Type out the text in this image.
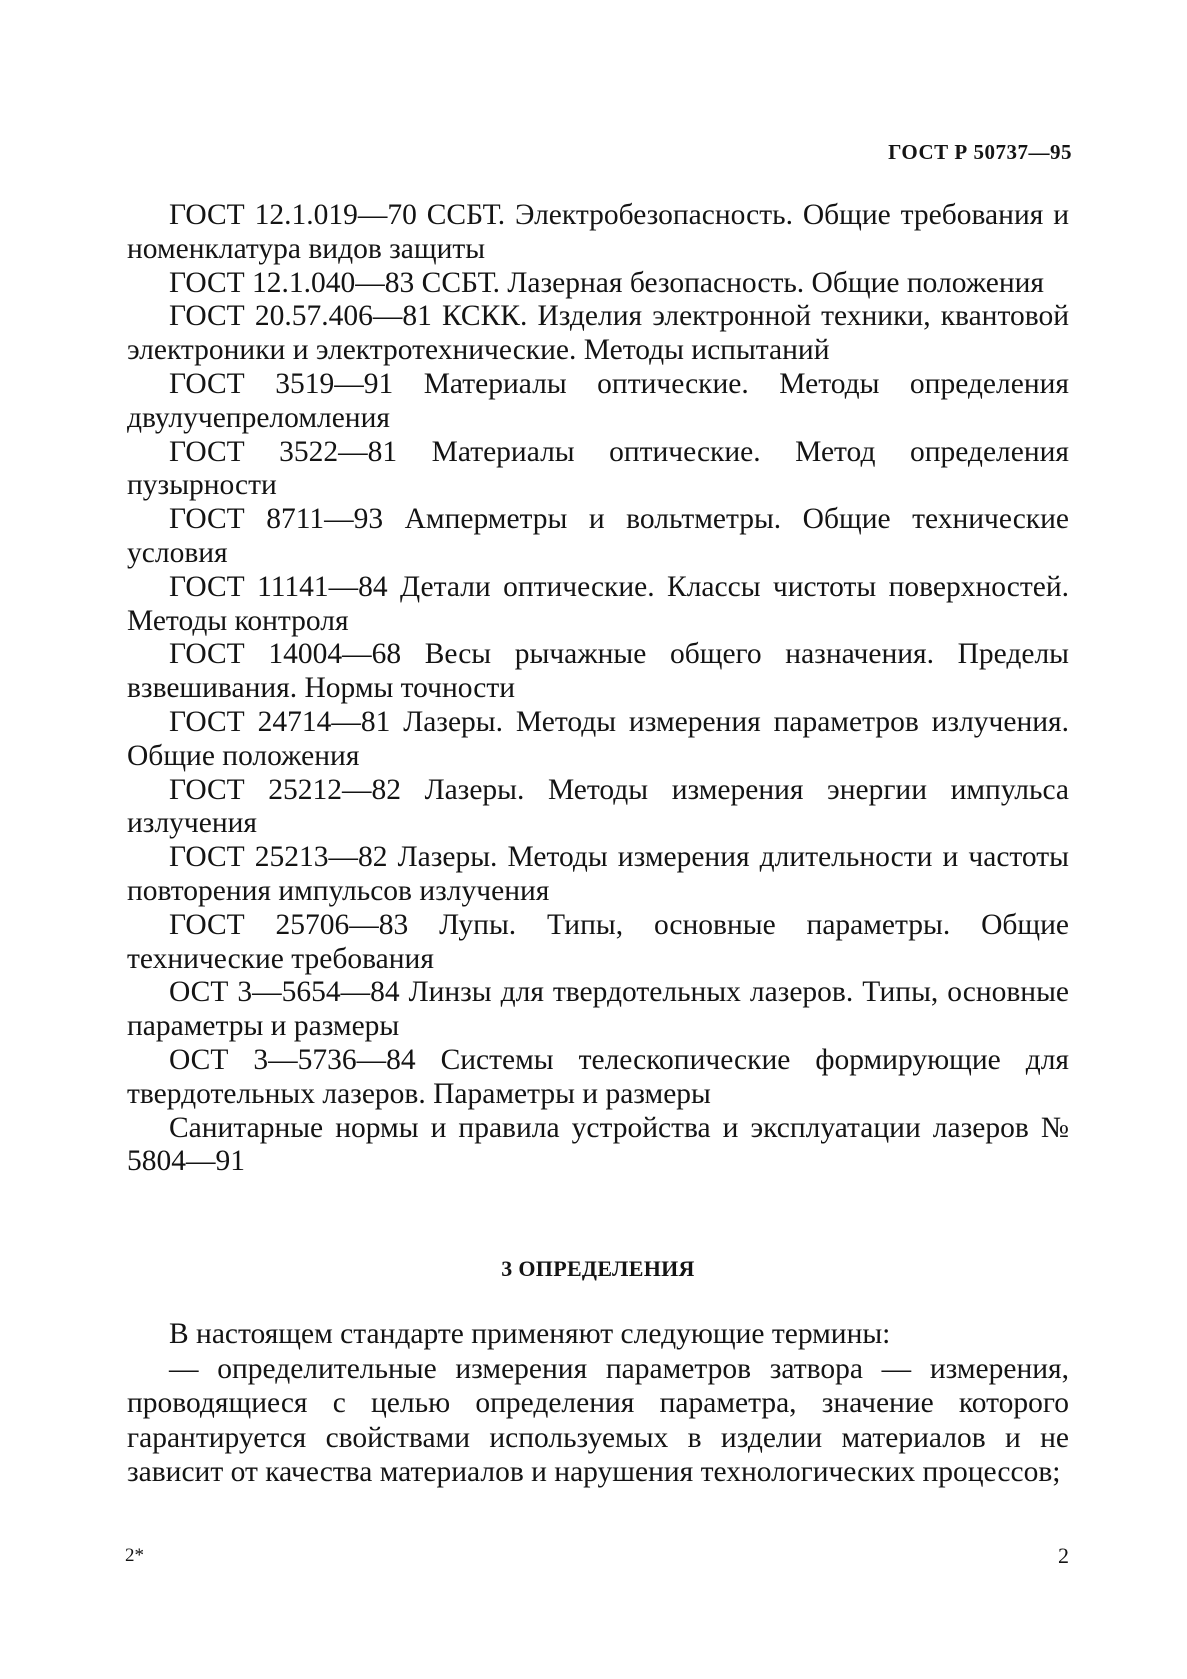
ГОСТ Р 50737—95

ГОСТ 12.1.019—70 ССБТ. Электробезопасность. Общие требования и номенклатура видов защиты

ГОСТ 12.1.040—83 ССБТ. Лазерная безопасность. Общие положения

ГОСТ 20.57.406—81 КСКК. Изделия электронной техники, квантовой электроники и электротехнические. Методы испытаний

ГОСТ 3519—91 Материалы оптические. Методы определения двулучепреломления

ГОСТ 3522—81 Материалы оптические. Метод определения пузырности

ГОСТ 8711—93 Амперметры и вольтметры. Общие технические условия

ГОСТ 11141—84 Детали оптические. Классы чистоты поверхностей. Методы контроля

ГОСТ 14004—68 Весы рычажные общего назначения. Пределы взвешивания. Нормы точности

ГОСТ 24714—81 Лазеры. Методы измерения параметров излучения. Общие положения

ГОСТ 25212—82 Лазеры. Методы измерения энергии импульса излучения

ГОСТ 25213—82 Лазеры. Методы измерения длительности и частоты повторения импульсов излучения

ГОСТ 25706—83 Лупы. Типы, основные параметры. Общие технические требования

ОСТ 3—5654—84 Линзы для твердотельных лазеров. Типы, основные параметры и размеры

ОСТ 3—5736—84 Системы телескопические формирующие для твердотельных лазеров. Параметры и размеры

Санитарные нормы и правила устройства и эксплуатации лазеров № 5804—91

3 ОПРЕДЕЛЕНИЯ

В настоящем стандарте применяют следующие термины:

— определительные измерения параметров затвора — измерения, проводящиеся с целью определения параметра, значение которого гарантируется свойствами используемых в изделии материалов и не зависит от качества материалов и нарушения технологических процессов;

2*	2
